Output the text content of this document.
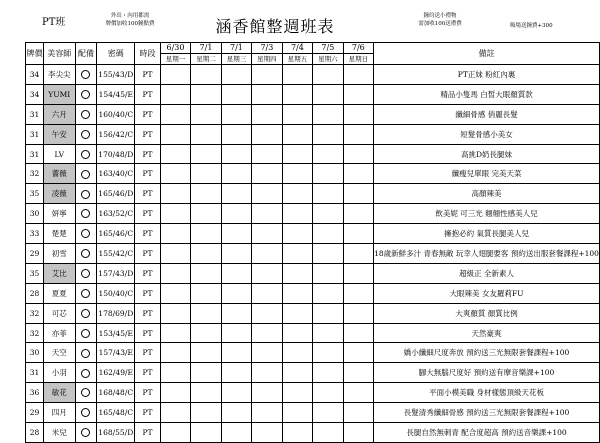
PT班
外出・內用都需
牌價加收100鐘點費	涵香館整週班表
鐘約送小禮物
需加收100送禮費	吸場送鐘費+300
牌價	美容師	配備	密碼	時段	6/30	7/1	7/1	7/3	7/4	7/5	7/6	備註
					星期一	星期二	星期三	星期四	星期五	星期六	星期日	
34	李尖尖		155/43/D	PT								PT正妹 粉紅內裏
34	YUMI		154/45/E	PT								精品小隻馬 白皙大眼顏質款
31	六月		160/40/C	PT								纖細骨感 俏麗長髮
31	午安		156/42/C	PT								短髮骨感小美女
31	LV		170/48/D	PT								高挑D奶長腿妹
32	薔薇		163/40/C	PT								纖瘦兒單眼 完美天菜
35	凌薇		165/46/D	PT								高顏辣美
30	妍寧		163/52/C	PT								飲美妮 可三光 翹翹性感美人兒
33	楚楚		165/46/C	PT								擁抱必約 氣質長腿美人兒
29	初雪		155/42/C	PT								18歲新鮮多汁 青春無敵 玩幸人翅腿要客 預約送出服套餐課程+100
35	艾比		157/43/D	PT								超級正 全新素人
28	夏夏		150/40/C	PT								大眼辣美 女友羅莉FU
32	可芯		178/69/D	PT								大爽顏質 顏質比例
32	亦菲		153/45/E	PT								天然豪爽
30	天空		157/43/E	PT								嬌小纖細尺度奔放 預約送三光無限套餐課程+100
31	小羽		162/49/E	PT								腳大無腦尺度好 預約送有摩音樂課+100
36	敏花		168/48/C	PT								平面小模美職 身材樣態頂級天花板
29	四月		165/48/C	PT								長髮清秀纖細骨感 預約送三光無限套餐課程+100
28	米兒		168/55/D	PT								長腿自然無刺青 配合度超高 預約送音樂課+100
